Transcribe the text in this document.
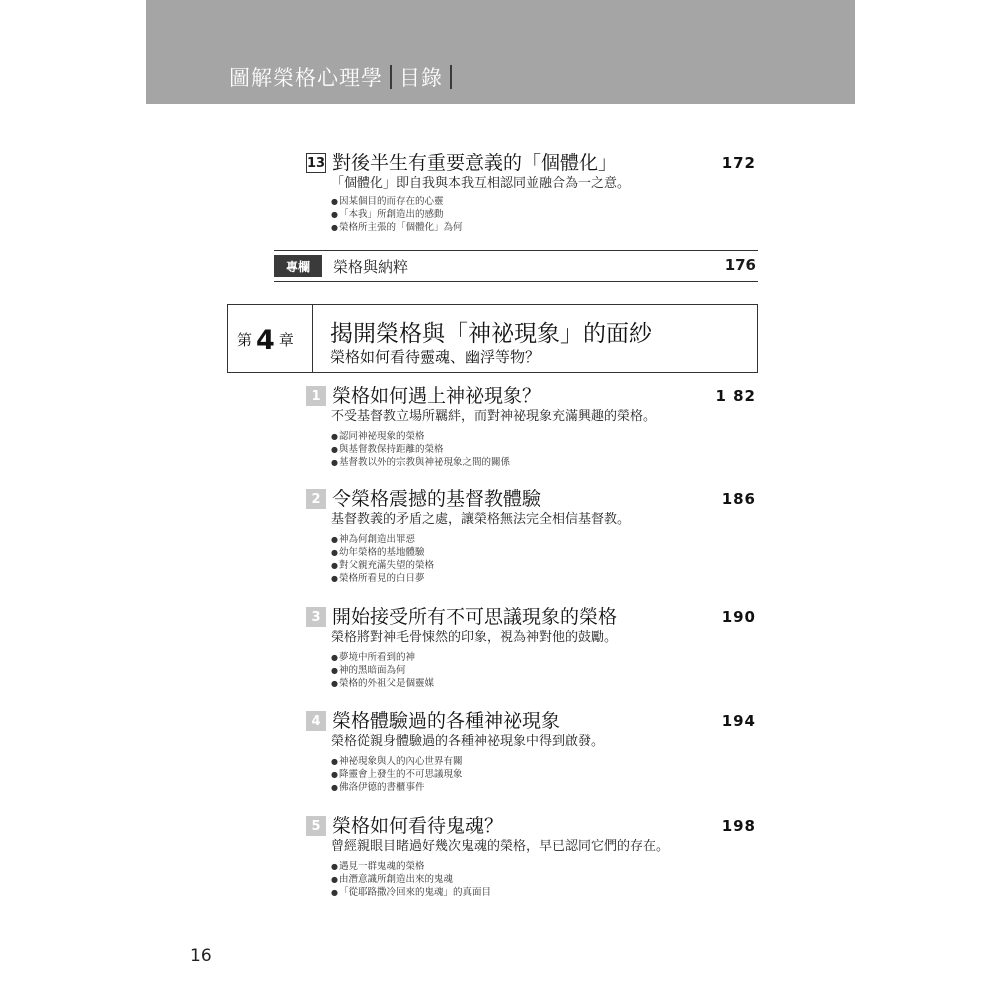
圖解榮格心理學 目錄
13 對後半生有重要意義的「個體化」	172
「個體化」即自我與本我互相認同並融合為一之意。
● 因某個目的而存在的心靈
● 「本我」所創造出的感動
● 榮格所主張的「個體化」為何
專欄	榮格與納粹	176
第 4 章 揭開榮格與「神祕現象」的面紗
榮格如何看待靈魂、幽浮等物？
1 榮格如何遇上神祕現象？	1 82
不受基督教立場所羈絆，而對神祕現象充滿興趣的榮格。
● 認同神祕現象的榮格
● 與基督教保持距離的榮格
● 基督教以外的宗教與神祕現象之間的關係
2 令榮格震撼的基督教體驗	186
基督教義的矛盾之處，讓榮格無法完全相信基督教。
● 神為何創造出罪惡
● 幼年榮格的基地體驗
● 對父親充滿失望的榮格
● 榮格所看見的白日夢
3 開始接受所有不可思議現象的榮格	190
榮格將對神毛骨悚然的印象，視為神對他的鼓勵。
● 夢境中所看到的神
● 神的黑暗面為何
● 榮格的外祖父是個靈媒
4 榮格體驗過的各種神祕現象	194
榮格從親身體驗過的各種神祕現象中得到啟發。
● 神祕現象與人的內心世界有關
● 降靈會上發生的不可思議現象
● 佛洛伊德的書櫃事件
5 榮格如何看待鬼魂？	198
曾經親眼目睹過好幾次鬼魂的榮格，早已認同它們的存在。
● 遇見一群鬼魂的榮格
● 由潛意識所創造出來的鬼魂
● 「從耶路撒冷回來的鬼魂」的真面目
16
